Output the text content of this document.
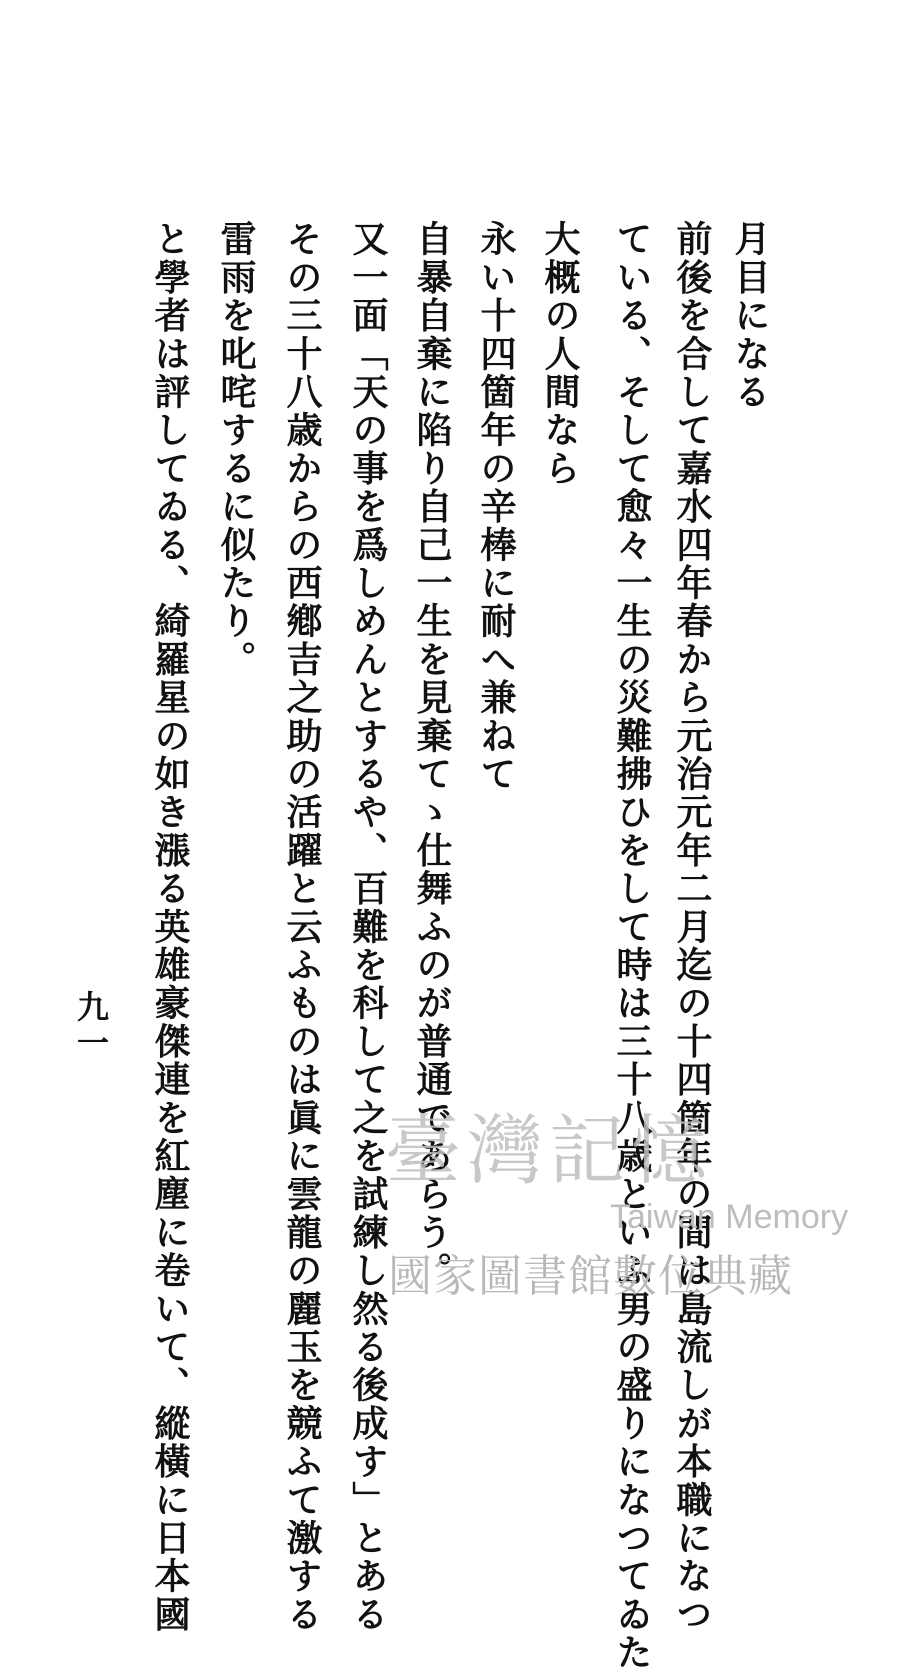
月目になる
前後を合して嘉水四年春から元治元年二月迄の十四箇年の間は島流しが本職になつ
ている、そして愈々一生の災難拂ひをして時は三十八歳といふ男の盛りになつてゐた
大概の人間なら
永い十四箇年の辛棒に耐へ兼ねて
自暴自棄に陷り自己一生を見棄てゝ仕舞ふのが普通であらう。
又一面「天の事を爲しめんとするや、百難を科して之を試練し然る後成す」とある
その三十八歳からの西鄕吉之助の活躍と云ふものは眞に雲龍の麗玉を競ふて激する
雷雨を叱咤するに似たり。
と學者は評してゐる、綺羅星の如き漲る英雄豪傑連を紅塵に卷いて、縱橫に日本國
九一
臺灣記憶
Taiwan Memory
國家圖書館數位典藏
